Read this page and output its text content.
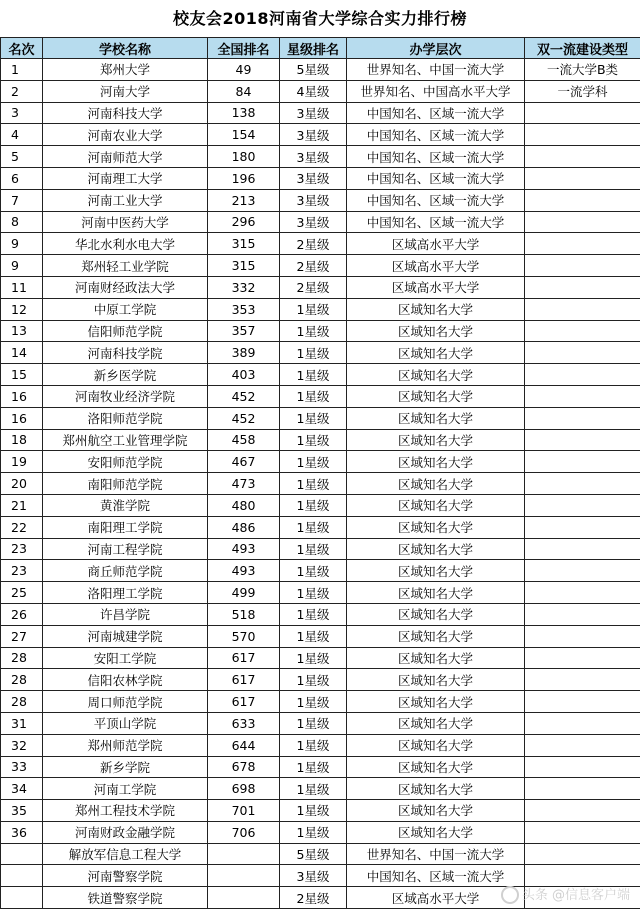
校友会2018河南省大学综合实力排行榜
名次	学校名称	全国排名	星级排名	办学层次	双一流建设类型
1	郑州大学	49	5星级	世界知名、中国一流大学	一流大学B类
2	河南大学	84	4星级	世界知名、中国高水平大学	一流学科
3	河南科技大学	138	3星级	中国知名、区域一流大学	
4	河南农业大学	154	3星级	中国知名、区域一流大学	
5	河南师范大学	180	3星级	中国知名、区域一流大学	
6	河南理工大学	196	3星级	中国知名、区域一流大学	
7	河南工业大学	213	3星级	中国知名、区域一流大学	
8	河南中医药大学	296	3星级	中国知名、区域一流大学	
9	华北水利水电大学	315	2星级	区域高水平大学	
9	郑州轻工业学院	315	2星级	区域高水平大学	
11	河南财经政法大学	332	2星级	区域高水平大学	
12	中原工学院	353	1星级	区域知名大学	
13	信阳师范学院	357	1星级	区域知名大学	
14	河南科技学院	389	1星级	区域知名大学	
15	新乡医学院	403	1星级	区域知名大学	
16	河南牧业经济学院	452	1星级	区域知名大学	
16	洛阳师范学院	452	1星级	区域知名大学	
18	郑州航空工业管理学院	458	1星级	区域知名大学	
19	安阳师范学院	467	1星级	区域知名大学	
20	南阳师范学院	473	1星级	区域知名大学	
21	黄淮学院	480	1星级	区域知名大学	
22	南阳理工学院	486	1星级	区域知名大学	
23	河南工程学院	493	1星级	区域知名大学	
23	商丘师范学院	493	1星级	区域知名大学	
25	洛阳理工学院	499	1星级	区域知名大学	
26	许昌学院	518	1星级	区域知名大学	
27	河南城建学院	570	1星级	区域知名大学	
28	安阳工学院	617	1星级	区域知名大学	
28	信阳农林学院	617	1星级	区域知名大学	
28	周口师范学院	617	1星级	区域知名大学	
31	平顶山学院	633	1星级	区域知名大学	
32	郑州师范学院	644	1星级	区域知名大学	
33	新乡学院	678	1星级	区域知名大学	
34	河南工学院	698	1星级	区域知名大学	
35	郑州工程技术学院	701	1星级	区域知名大学	
36	河南财政金融学院	706	1星级	区域知名大学	
	解放军信息工程大学		5星级	世界知名、中国一流大学	
	河南警察学院		3星级	中国知名、区域一流大学	
	铁道警察学院		2星级	区域高水平大学		头条 @信息客户端
